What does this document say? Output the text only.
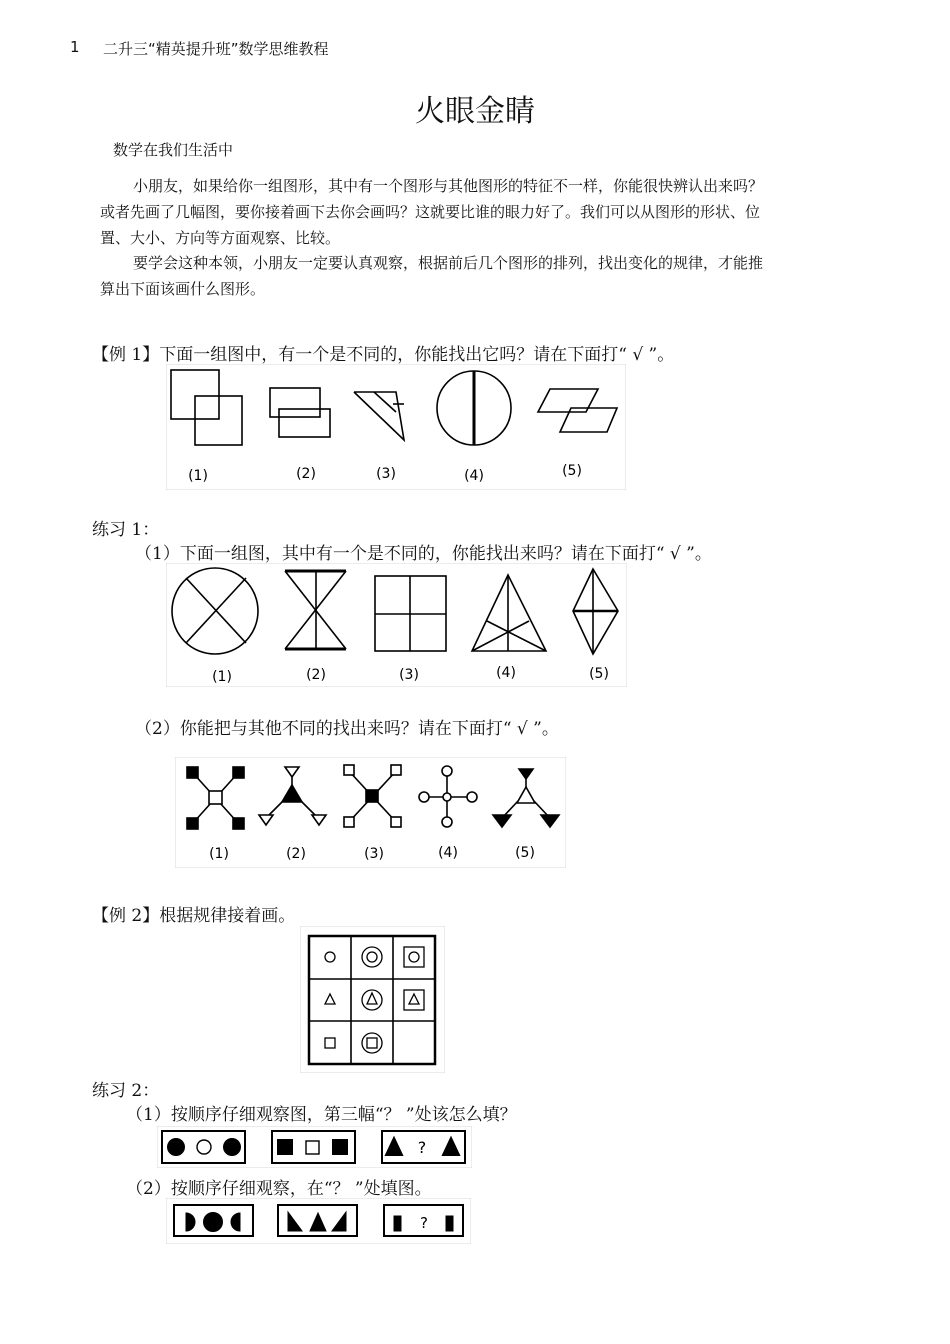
1 二升三“精英提升班”数学思维教程
火眼金睛
数学在我们生活中
小朋友，如果给你一组图形，其中有一个图形与其他图形的特征不一样，你能很快辨认出来吗？
或者先画了几幅图，要你接着画下去你会画吗？这就要比谁的眼力好了。我们可以从图形的形状、位
置、大小、方向等方面观察、比较。
要学会这种本领，小朋友一定要认真观察，根据前后几个图形的排列，找出变化的规律，才能推
算出下面该画什么图形。
【例 1】下面一组图中，有一个是不同的，你能找出它吗？请在下面打“ √ ”。
(1)	(2)	(3)	(4)	(5)
练习 1：
（1）下面一组图，其中有一个是不同的，你能找出来吗？请在下面打“ √ ”。
(1)	(2)	(3)	(4)	(5)
（2）你能把与其他不同的找出来吗？请在下面打“ √ ”。
(1)	(2)	(3)	(4)	(5)
【例 2】根据规律接着画。
练习 2：
（1）按顺序仔细观察图，第三幅“？ ”处该怎么填？
?
（2）按顺序仔细观察，在“？ ”处填图。
?
